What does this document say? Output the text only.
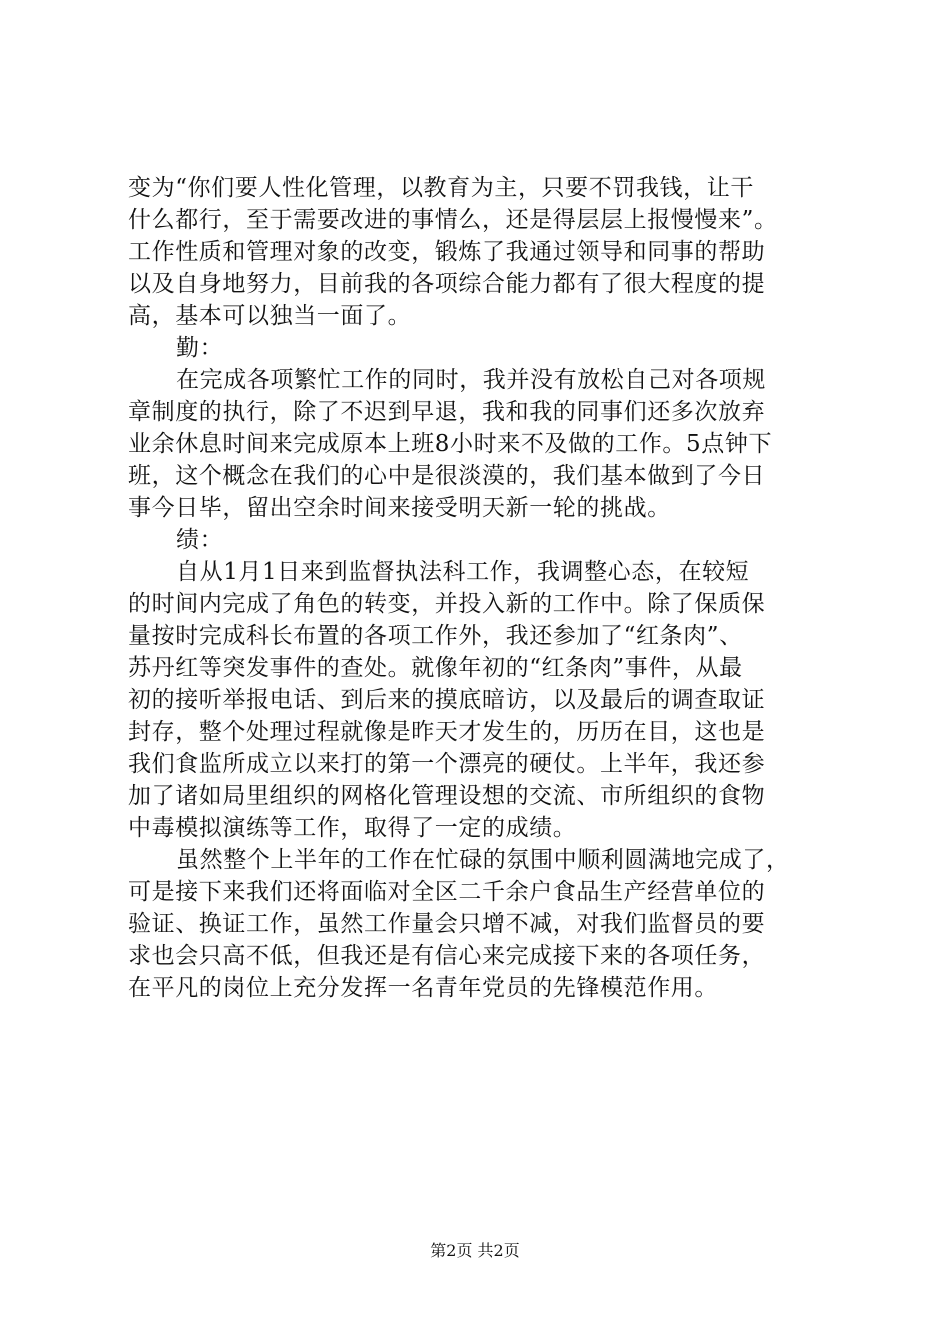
变为“你们要人性化管理，以教育为主，只要不罚我钱，让干
什么都行，至于需要改进的事情么，还是得层层上报慢慢来”。
工作性质和管理对象的改变，锻炼了我通过领导和同事的帮助
以及自身地努力，目前我的各项综合能力都有了很大程度的提
高，基本可以独当一面了。
勤：
在完成各项繁忙工作的同时，我并没有放松自己对各项规
章制度的执行，除了不迟到早退，我和我的同事们还多次放弃
业余休息时间来完成原本上班8小时来不及做的工作。5点钟下
班，这个概念在我们的心中是很淡漠的，我们基本做到了今日
事今日毕，留出空余时间来接受明天新一轮的挑战。
绩：
自从1月1日来到监督执法科工作，我调整心态，在较短
的时间内完成了角色的转变，并投入新的工作中。除了保质保
量按时完成科长布置的各项工作外，我还参加了“红条肉”、
苏丹红等突发事件的查处。就像年初的“红条肉”事件，从最
初的接听举报电话、到后来的摸底暗访，以及最后的调查取证
封存，整个处理过程就像是昨天才发生的，历历在目，这也是
我们食监所成立以来打的第一个漂亮的硬仗。上半年，我还参
加了诸如局里组织的网格化管理设想的交流、市所组织的食物
中毒模拟演练等工作，取得了一定的成绩。
虽然整个上半年的工作在忙碌的氛围中顺利圆满地完成了，
可是接下来我们还将面临对全区二千余户食品生产经营单位的
验证、换证工作，虽然工作量会只增不减，对我们监督员的要
求也会只高不低，但我还是有信心来完成接下来的各项任务，
在平凡的岗位上充分发挥一名青年党员的先锋模范作用。
第2页 共2页
